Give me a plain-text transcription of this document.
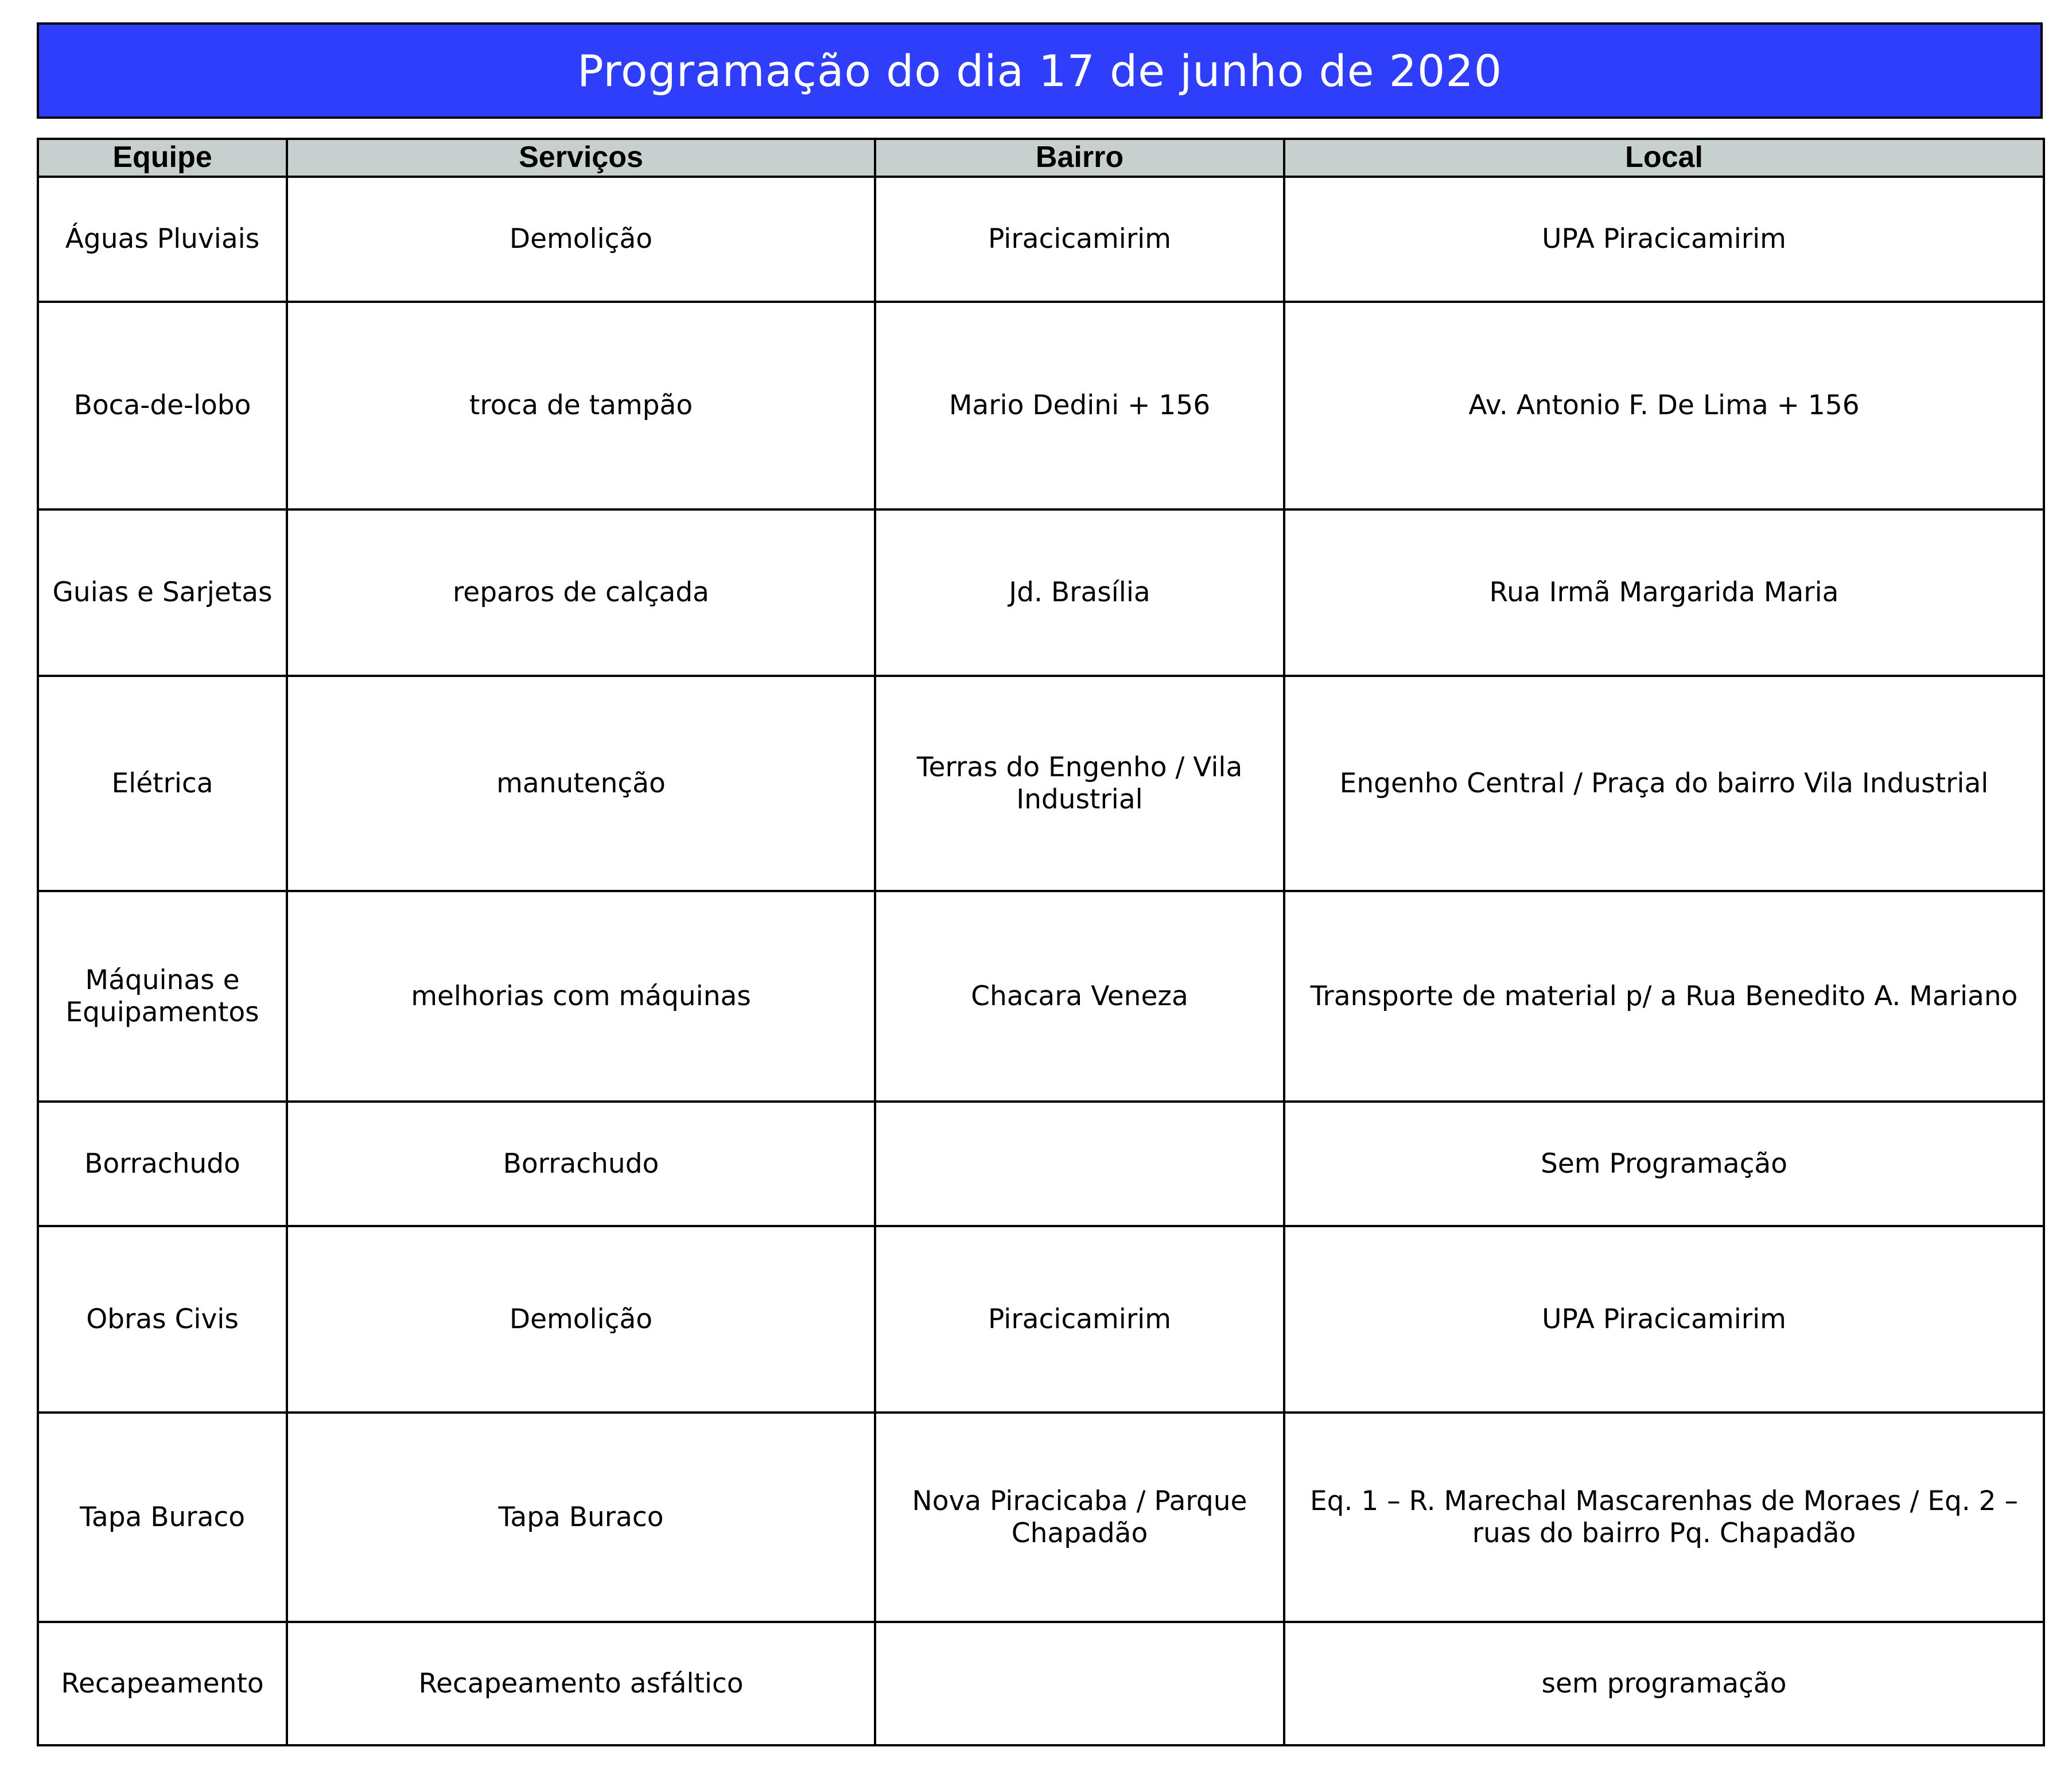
Programação do dia 17 de junho de 2020
Equipe	Serviços	Bairro	Local
Águas Pluviais	Demolição	Piracicamirim	UPA Piracicamirim
Boca-de-lobo	troca de tampão	Mario Dedini + 156	Av. Antonio F. De Lima + 156
Guias e Sarjetas	reparos de calçada	Jd. Brasília	Rua Irmã Margarida Maria
Elétrica	manutenção	Terras do Engenho / Vila Industrial	Engenho Central / Praça do bairro Vila Industrial
Máquinas e Equipamentos	melhorias com máquinas	Chacara Veneza	Transporte de material p/ a Rua Benedito A. Mariano
Borrachudo	Borrachudo		Sem Programação
Obras Civis	Demolição	Piracicamirim	UPA Piracicamirim
Tapa Buraco	Tapa Buraco	Nova Piracicaba / Parque Chapadão	Eq. 1 – R. Marechal Mascarenhas de Moraes / Eq. 2 – ruas do bairro Pq. Chapadão
Recapeamento	Recapeamento asfáltico		sem programação
